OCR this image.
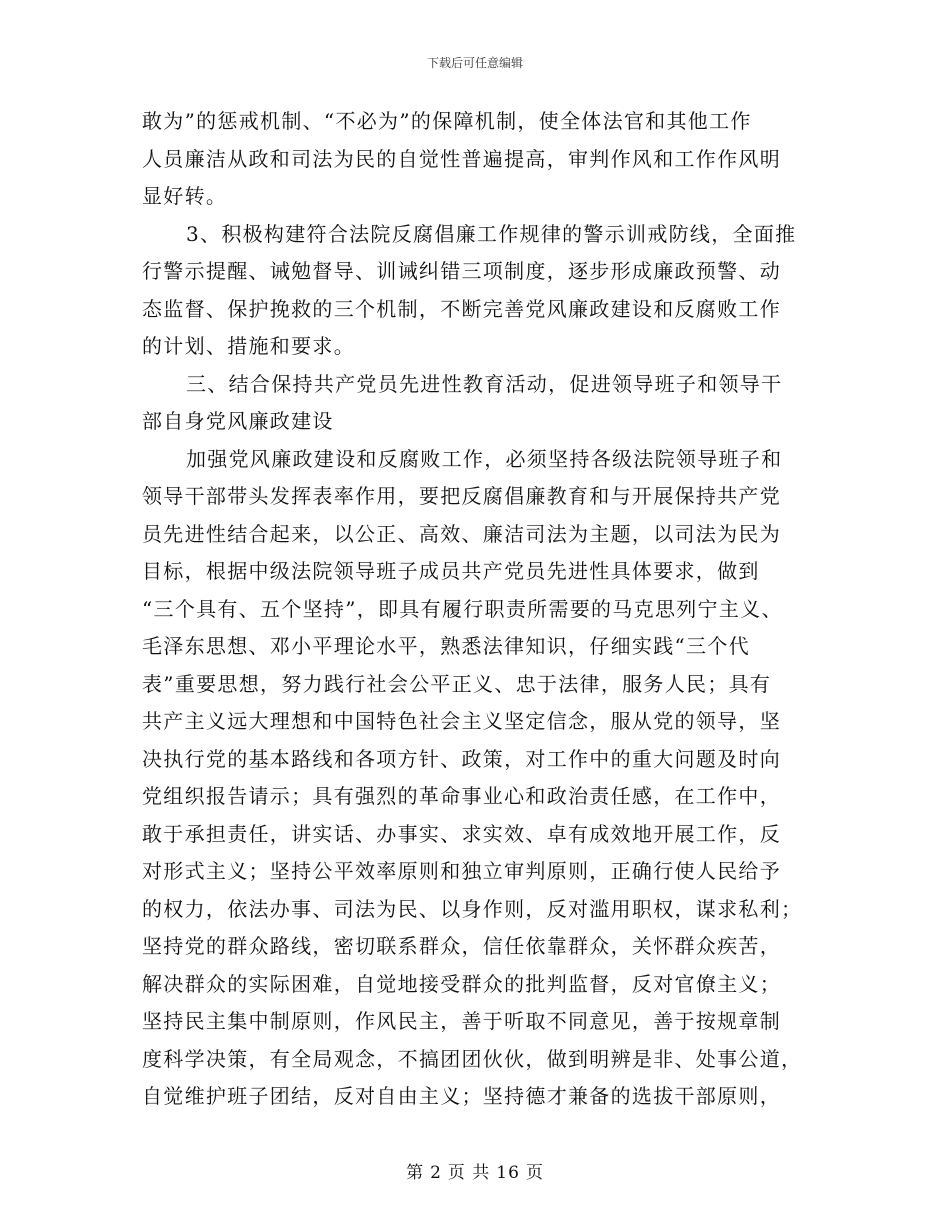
下载后可任意编辑
敢为”的惩戒机制、“不必为”的保障机制，使全体法官和其他工作
人员廉洁从政和司法为民的自觉性普遍提高，审判作风和工作作风明
显好转。
3、积极构建符合法院反腐倡廉工作规律的警示训戒防线，全面推
行警示提醒、诫勉督导、训诫纠错三项制度，逐步形成廉政预警、动
态监督、保护挽救的三个机制，不断完善党风廉政建设和反腐败工作
的计划、措施和要求。
三、结合保持共产党员先进性教育活动，促进领导班子和领导干
部自身党风廉政建设
加强党风廉政建设和反腐败工作，必须坚持各级法院领导班子和
领导干部带头发挥表率作用，要把反腐倡廉教育和与开展保持共产党
员先进性结合起来，以公正、高效、廉洁司法为主题，以司法为民为
目标，根据中级法院领导班子成员共产党员先进性具体要求，做到
“三个具有、五个坚持”，即具有履行职责所需要的马克思列宁主义、
毛泽东思想、邓小平理论水平，熟悉法律知识，仔细实践“三个代
表”重要思想，努力践行社会公平正义、忠于法律，服务人民；具有
共产主义远大理想和中国特色社会主义坚定信念，服从党的领导，坚
决执行党的基本路线和各项方针、政策，对工作中的重大问题及时向
党组织报告请示；具有强烈的革命事业心和政治责任感，在工作中，
敢于承担责任，讲实话、办事实、求实效、卓有成效地开展工作，反
对形式主义；坚持公平效率原则和独立审判原则，正确行使人民给予
的权力，依法办事、司法为民、以身作则，反对滥用职权，谋求私利；
坚持党的群众路线，密切联系群众，信任依靠群众，关怀群众疾苦，
解决群众的实际困难，自觉地接受群众的批判监督，反对官僚主义；
坚持民主集中制原则，作风民主，善于听取不同意见，善于按规章制
度科学决策，有全局观念，不搞团团伙伙，做到明辨是非、处事公道，
自觉维护班子团结，反对自由主义；坚持德才兼备的选拔干部原则，
第 2 页 共 16 页
